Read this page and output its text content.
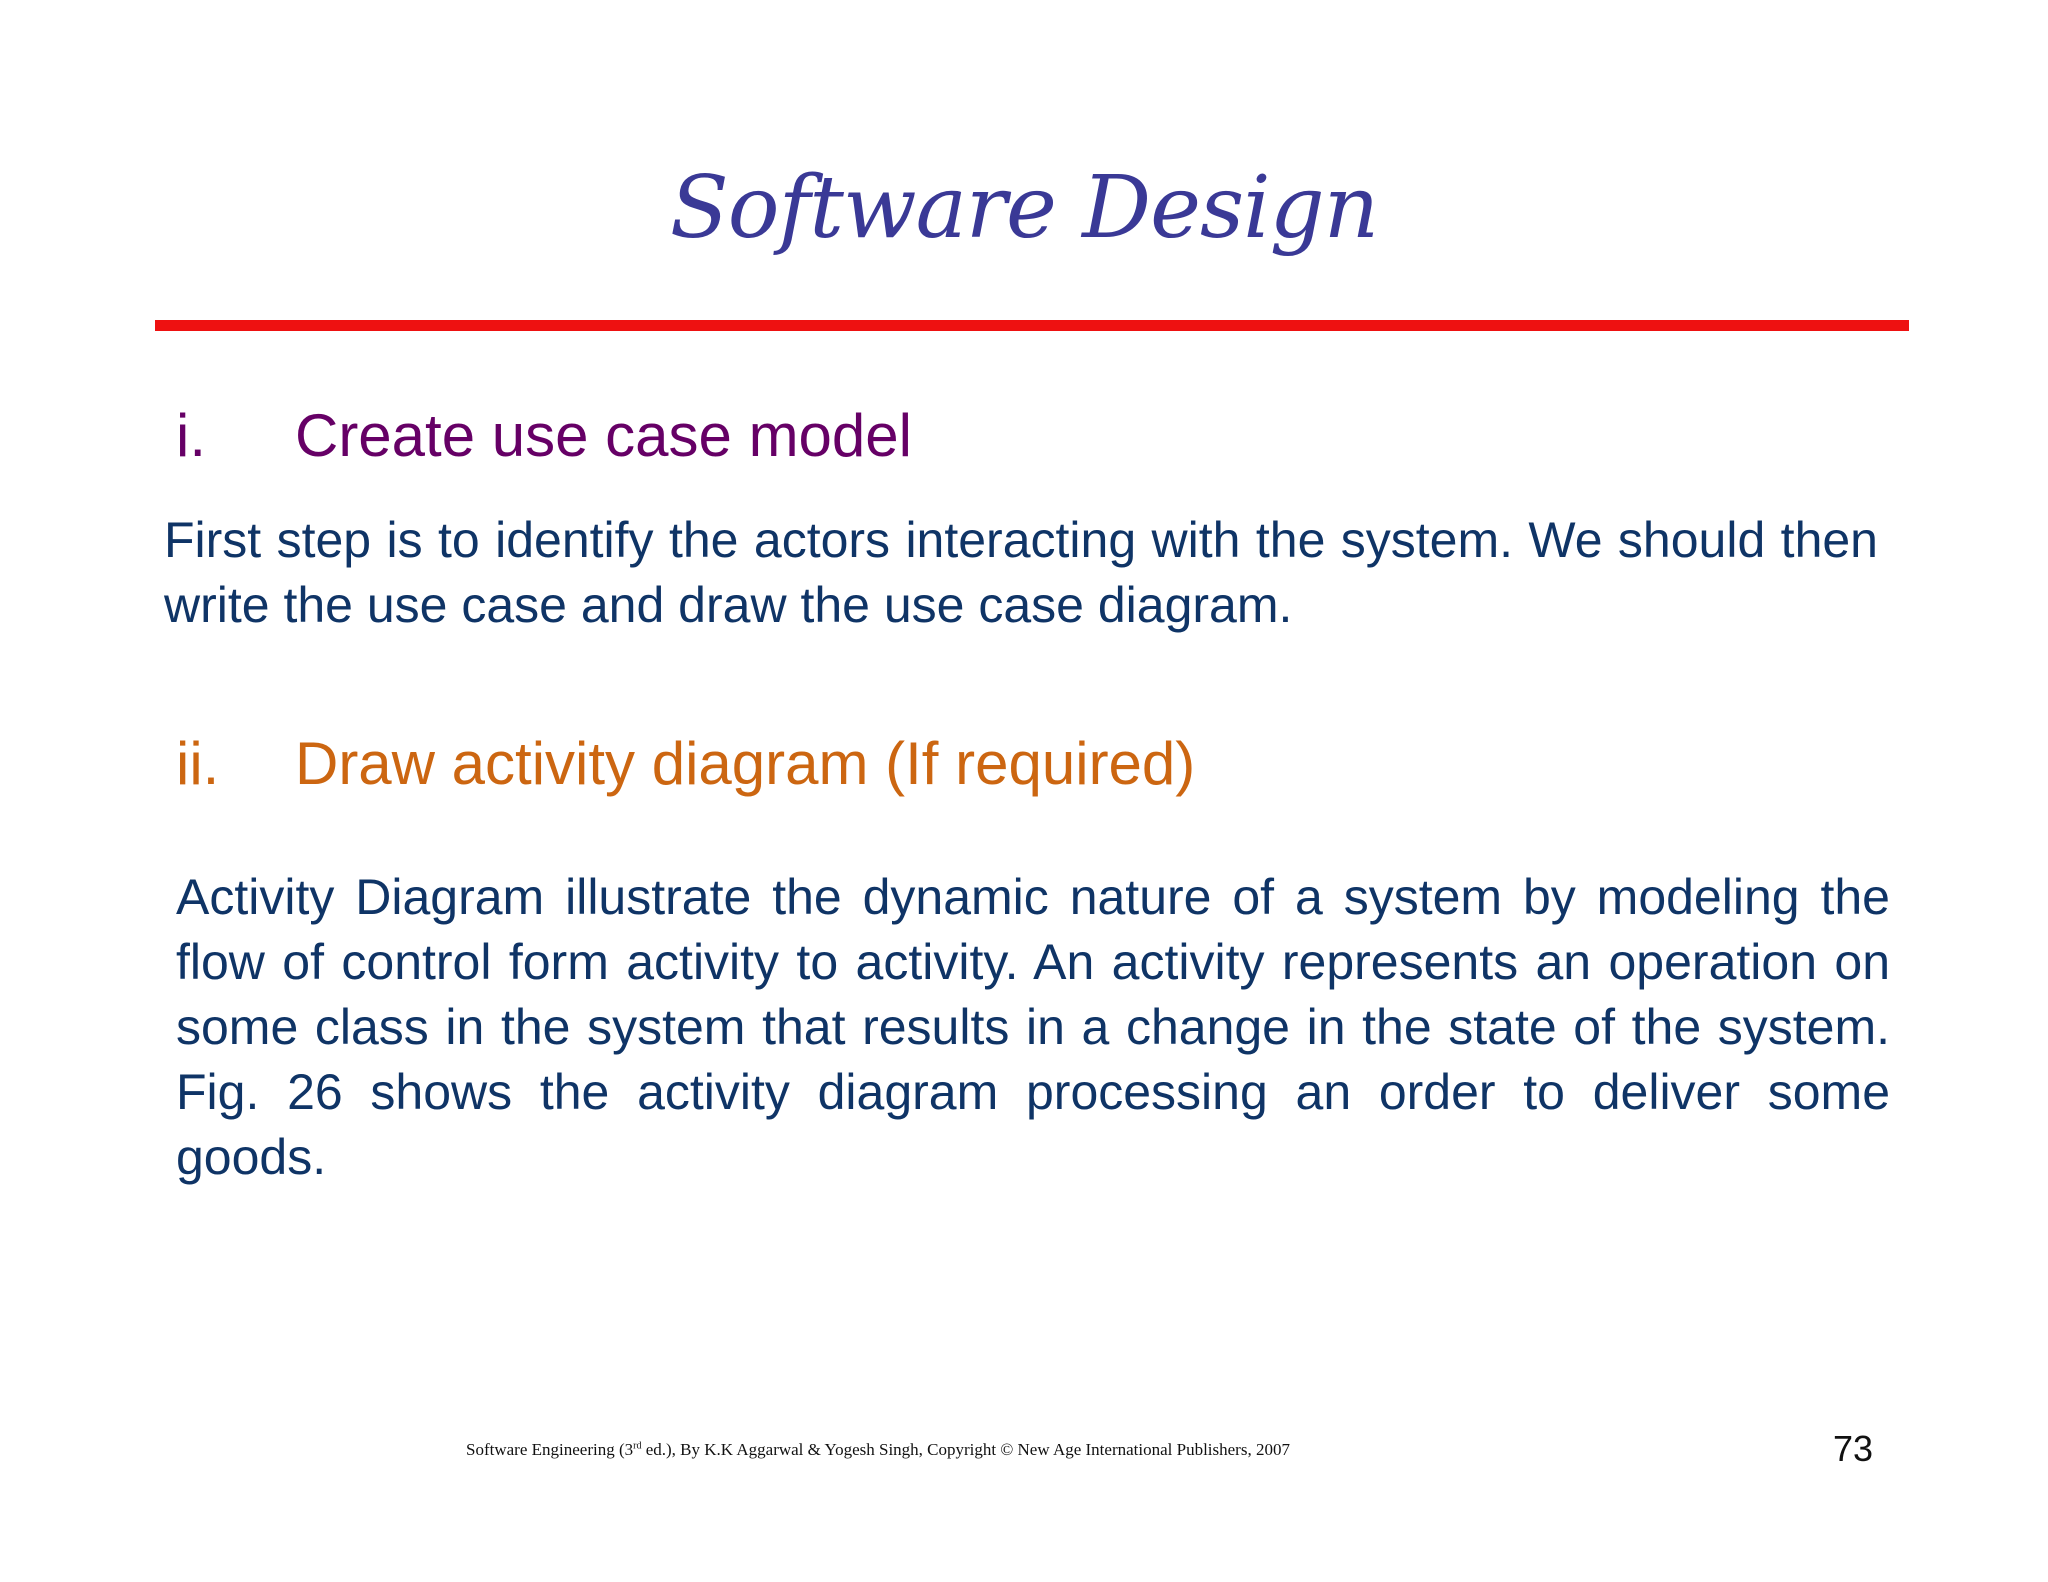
Software Design
i. Create use case model
First step is to identify the actors interacting with the system. We should then write the use case and draw the use case diagram.
ii. Draw activity diagram (If required)
Activity Diagram illustrate the dynamic nature of a system by modeling the flow of control form activity to activity. An activity represents an operation on some class in the system that results in a change in the state of the system. Fig. 26 shows the activity diagram processing an order to deliver some goods.
Software Engineering (3rd ed.), By K.K Aggarwal & Yogesh Singh, Copyright © New Age International Publishers, 2007	73
